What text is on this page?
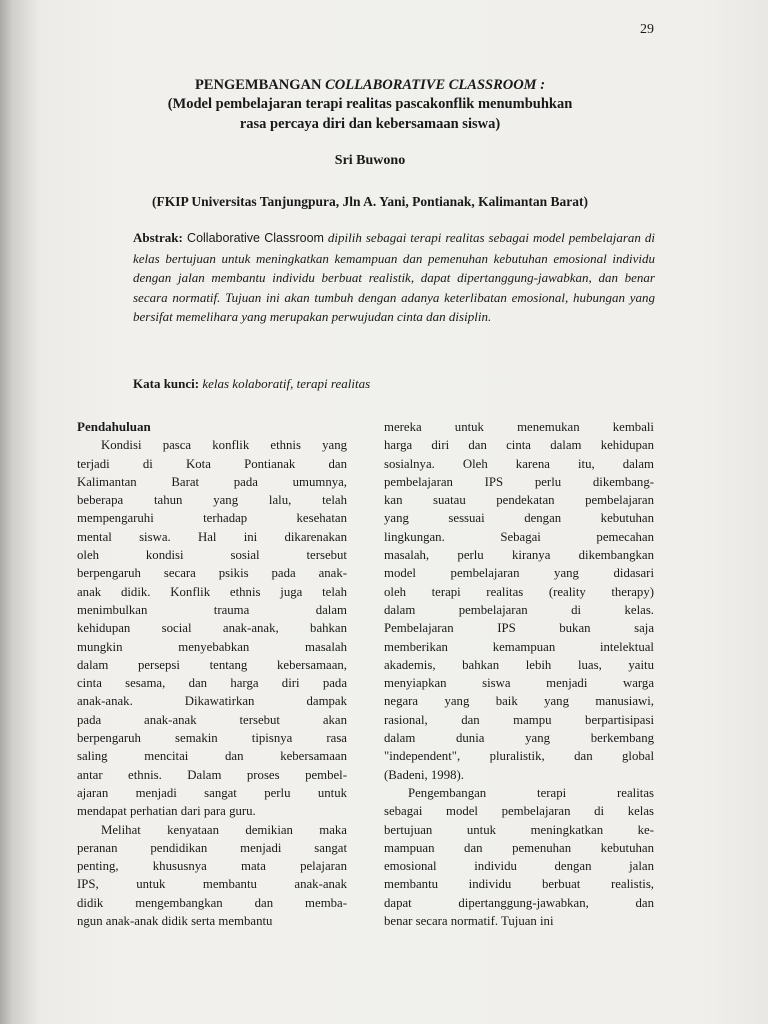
29
PENGEMBANGAN COLLABORATIVE CLASSROOM :
(Model pembelajaran terapi realitas pascakonflik menumbuhkan
rasa percaya diri dan kebersamaan siswa)
Sri Buwono
(FKIP Universitas Tanjungpura, Jln A. Yani, Pontianak, Kalimantan Barat)
Abstrak: Collaborative Classroom dipilih sebagai terapi realitas sebagai model pembelajaran di kelas bertujuan untuk meningkatkan kemampuan dan pemenuhan kebutuhan emosional individu dengan jalan membantu individu berbuat realistik, dapat dipertanggung-jawabkan, dan benar secara normatif. Tujuan ini akan tumbuh dengan adanya keterlibatan emosional, hubungan yang bersifat memelihara yang merupakan perwujudan cinta dan disiplin.
Kata kunci: kelas kolaboratif, terapi realitas
Pendahuluan
Kondisi pasca konflik ethnis yang
terjadi di Kota Pontianak dan
Kalimantan Barat pada umumnya,
beberapa tahun yang lalu, telah
mempengaruhi terhadap kesehatan
mental siswa. Hal ini dikarenakan
oleh kondisi sosial tersebut
berpengaruh secara psikis pada anak-
anak didik. Konflik ethnis juga telah
menimbulkan trauma dalam
kehidupan social anak-anak, bahkan
mungkin menyebabkan masalah
dalam persepsi tentang kebersamaan,
cinta sesama, dan harga diri pada
anak-anak. Dikawatirkan dampak
pada anak-anak tersebut akan
berpengaruh semakin tipisnya rasa
saling mencitai dan kebersamaan
antar ethnis. Dalam proses pembel-
ajaran menjadi sangat perlu untuk
mendapat perhatian dari para guru.
Melihat kenyataan demikian maka
peranan pendidikan menjadi sangat
penting, khususnya mata pelajaran
IPS, untuk membantu anak-anak
didik mengembangkan dan memba-
ngun anak-anak didik serta membantu
mereka untuk menemukan kembali
harga diri dan cinta dalam kehidupan
sosialnya. Oleh karena itu, dalam
pembelajaran IPS perlu dikembang-
kan suatau pendekatan pembelajaran
yang sessuai dengan kebutuhan
lingkungan. Sebagai pemecahan
masalah, perlu kiranya dikembangkan
model pembelajaran yang didasari
oleh terapi realitas (reality therapy)
dalam pembelajaran di kelas.
Pembelajaran IPS bukan saja
memberikan kemampuan intelektual
akademis, bahkan lebih luas, yaitu
menyiapkan siswa menjadi warga
negara yang baik yang manusiawi,
rasional, dan mampu berpartisipasi
dalam dunia yang berkembang
"independent", pluralistik, dan global
(Badeni, 1998).
Pengembangan terapi realitas
sebagai model pembelajaran di kelas
bertujuan untuk meningkatkan ke-
mampuan dan pemenuhan kebutuhan
emosional individu dengan jalan
membantu individu berbuat realistis,
dapat dipertanggung-jawabkan, dan
benar secara normatif. Tujuan ini
